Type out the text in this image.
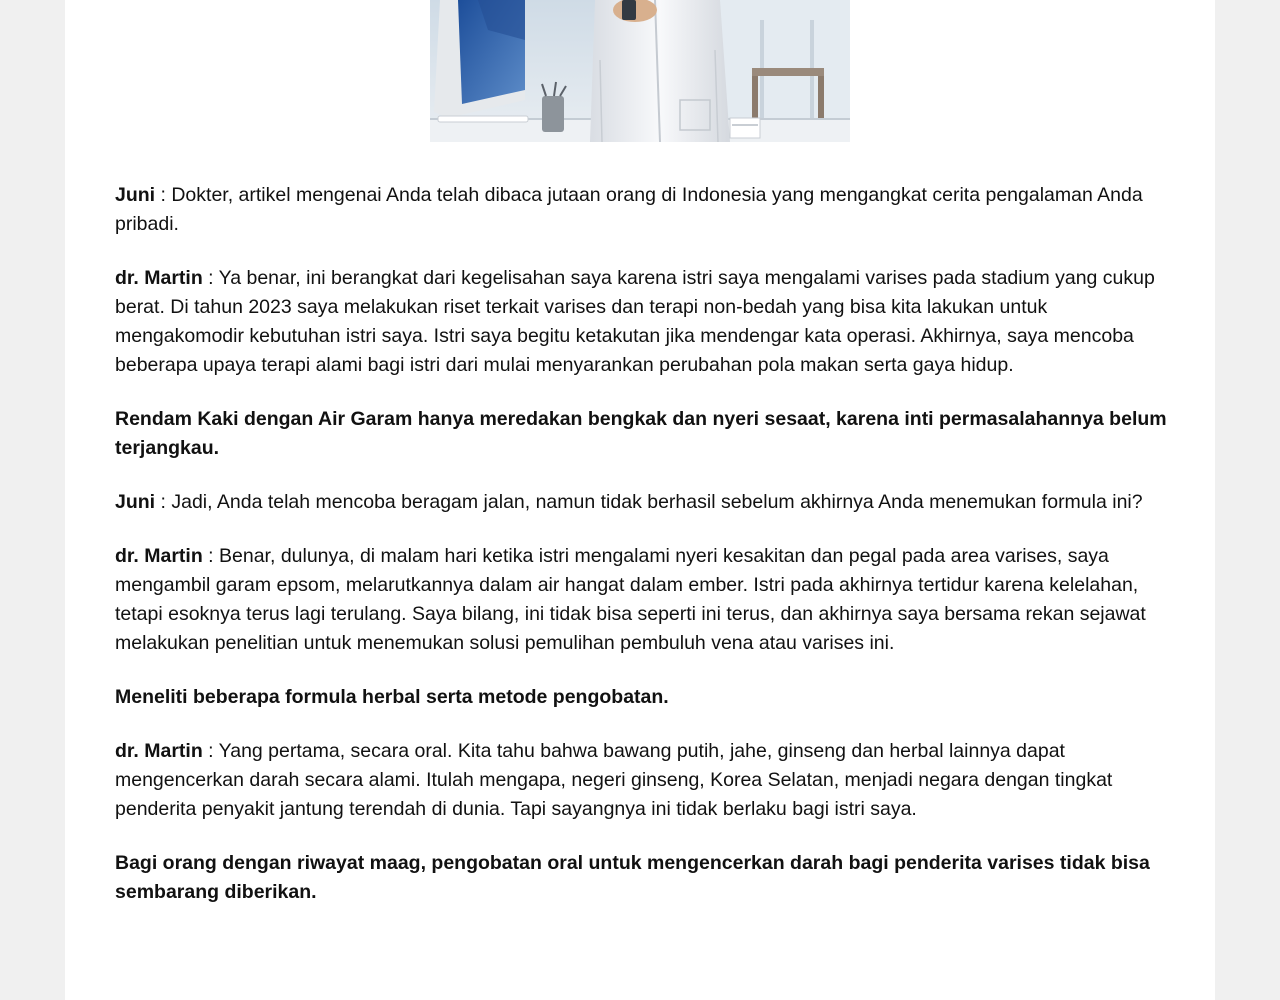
Juni : Dokter, artikel mengenai Anda telah dibaca jutaan orang di Indonesia yang mengangkat cerita pengalaman Anda pribadi.

dr. Martin : Ya benar, ini berangkat dari kegelisahan saya karena istri saya mengalami varises pada stadium yang cukup berat. Di tahun 2023 saya melakukan riset terkait varises dan terapi non-bedah yang bisa kita lakukan untuk mengakomodir kebutuhan istri saya. Istri saya begitu ketakutan jika mendengar kata operasi. Akhirnya, saya mencoba beberapa upaya terapi alami bagi istri dari mulai menyarankan perubahan pola makan serta gaya hidup.

Rendam Kaki dengan Air Garam hanya meredakan bengkak dan nyeri sesaat, karena inti permasalahannya belum terjangkau.

Juni : Jadi, Anda telah mencoba beragam jalan, namun tidak berhasil sebelum akhirnya Anda menemukan formula ini?

dr. Martin : Benar, dulunya, di malam hari ketika istri mengalami nyeri kesakitan dan pegal pada area varises, saya mengambil garam epsom, melarutkannya dalam air hangat dalam ember. Istri pada akhirnya tertidur karena kelelahan, tetapi esoknya terus lagi terulang. Saya bilang, ini tidak bisa seperti ini terus, dan akhirnya saya bersama rekan sejawat melakukan penelitian untuk menemukan solusi pemulihan pembuluh vena atau varises ini.

Meneliti beberapa formula herbal serta metode pengobatan.

dr. Martin : Yang pertama, secara oral. Kita tahu bahwa bawang putih, jahe, ginseng dan herbal lainnya dapat mengencerkan darah secara alami. Itulah mengapa, negeri ginseng, Korea Selatan, menjadi negara dengan tingkat penderita penyakit jantung terendah di dunia. Tapi sayangnya ini tidak berlaku bagi istri saya.

Bagi orang dengan riwayat maag, pengobatan oral untuk mengencerkan darah bagi penderita varises tidak bisa sembarang diberikan.
